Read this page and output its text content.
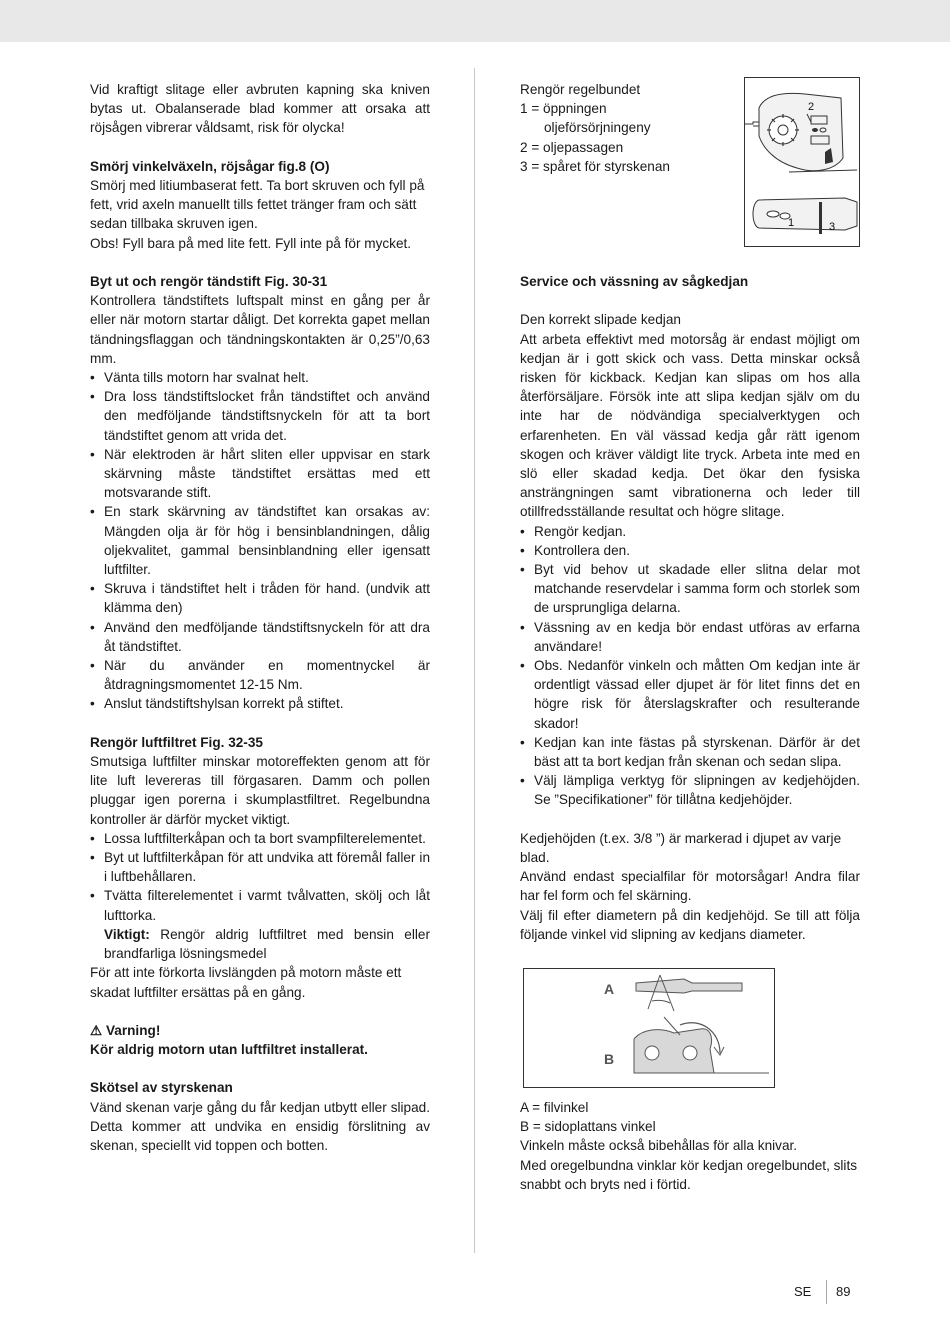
Vid kraftigt slitage eller avbruten kapning ska kniven bytas ut. Obalanserade blad kommer att orsaka att röjsågen vibrerar våldsamt, risk för olycka!

Smörj vinkelväxeln, röjsågar fig.8 (O)

Smörj med litiumbaserat fett. Ta bort skruven och fyll på fett, vrid axeln manuellt tills fettet tränger fram och sätt sedan tillbaka skruven igen.

Obs! Fyll bara på med lite fett. Fyll inte på för mycket.

Byt ut och rengör tändstift Fig. 30-31

Kontrollera tändstiftets luftspalt minst en gång per år eller när motorn startar dåligt. Det korrekta gapet mellan tändningsflaggan och tändningskontakten är 0,25”/0,63 mm.

• Vänta tills motorn har svalnat helt.
• Dra loss tändstiftslocket från tändstiftet och använd den medföljande tändstiftsnyckeln för att ta bort tändstiftet genom att vrida det.
• När elektroden är hårt sliten eller uppvisar en stark skärvning måste tändstiftet ersättas med ett motsvarande stift.
• En stark skärvning av tändstiftet kan orsakas av: Mängden olja är för hög i bensinblandningen, dålig oljekvalitet, gammal bensinblandning eller igensatt luftfilter.
• Skruva i tändstiftet helt i tråden för hand. (undvik att klämma den)
• Använd den medföljande tändstiftsnyckeln för att dra åt tändstiftet.
• När du använder en momentnyckel är åtdragningsmomentet 12-15 Nm.
• Anslut tändstiftshylsan korrekt på stiftet.

Rengör luftfiltret Fig. 32-35

Smutsiga luftfilter minskar motoreffekten genom att för lite luft levereras till förgasaren. Damm och pollen pluggar igen porerna i skumplastfiltret. Regelbundna kontroller är därför mycket viktigt.

• Lossa luftfilterkåpan och ta bort svampfilterelementet.
• Byt ut luftfilterkåpan för att undvika att föremål faller in i luftbehållaren.
• Tvätta filterelementet i varmt tvålvatten, skölj och låt lufttorka.

Viktigt: Rengör aldrig luftfiltret med bensin eller brandfarliga lösningsmedel

För att inte förkorta livslängden på motorn måste ett skadat luftfilter ersättas på en gång.

⚠ Varning!

Kör aldrig motorn utan luftfiltret installerat.

Skötsel av styrskenan

Vänd skenan varje gång du får kedjan utbytt eller slipad. Detta kommer att undvika en ensidig förslitning av skenan, speciellt vid toppen och botten.

Rengör regelbundet

1 = öppningen

oljeförsörjningeny

2 = oljepassagen

3 = spåret för styrskenan

Service och vässning av sågkedjan

Den korrekt slipade kedjan

Att arbeta effektivt med motorsåg är endast möjligt om kedjan är i gott skick och vass. Detta minskar också risken för kickback. Kedjan kan slipas om hos alla återförsäljare. Försök inte att slipa kedjan själv om du inte har de nödvändiga specialverktygen och erfarenheten. En väl vässad kedja går rätt igenom skogen och kräver väldigt lite tryck. Arbeta inte med en slö eller skadad kedja. Det ökar den fysiska ansträngningen samt vibrationerna och leder till otillfredsställande resultat och högre slitage.

• Rengör kedjan.
• Kontrollera den.
• Byt vid behov ut skadade eller slitna delar mot matchande reservdelar i samma form och storlek som de ursprungliga delarna.
• Vässning av en kedja bör endast utföras av erfarna användare!
• Obs. Nedanför vinkeln och måtten Om kedjan inte är ordentligt vässad eller djupet är för litet finns det en högre risk för återslagskrafter och resulterande skador!
• Kedjan kan inte fästas på styrskenan. Därför är det bäst att ta bort kedjan från skenan och sedan slipa.
• Välj lämpliga verktyg för slipningen av kedjehöjden. Se ”Specifikationer” för tillåtna kedjehöjder.

Kedjehöjden (t.ex. 3/8 ”) är markerad i djupet av varje blad.

Använd endast specialfilar för motorsågar! Andra filar har fel form och fel skärning.

Välj fil efter diametern på din kedjehöjd. Se till att följa följande vinkel vid slipning av kedjans diameter.

A = filvinkel

B = sidoplattans vinkel

Vinkeln måste också bibehållas för alla knivar.

Med oregelbundna vinklar kör kedjan oregelbundet, slits snabbt och bryts ned i förtid.

2
1	3
A
B
SE 89
